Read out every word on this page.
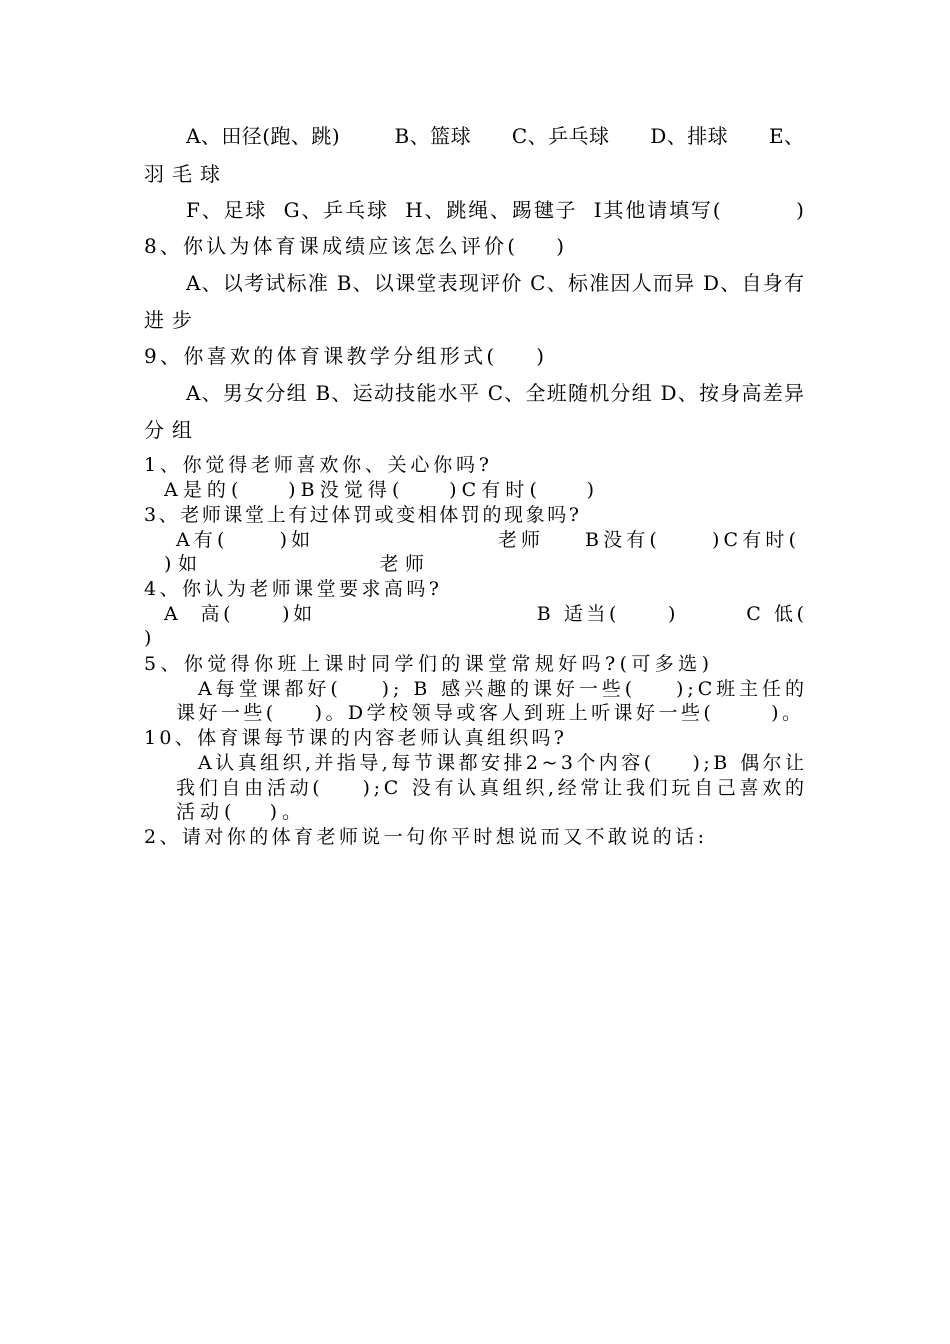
A、田径(跑、跳)        B、篮球      C、乒乓球      D、排球      E、
羽毛球
F、足球  G、乒乓球  H、跳绳、踢毽子  I其他请填写(         )
8、你认为体育课成绩应该怎么评价(    )
A、以考试标准 B、以课堂表现评价 C、标准因人而异 D、自身有
进步
9、你喜欢的体育课教学分组形式(    )
A、男女分组 B、运动技能水平 C、全班随机分组 D、按身高差异
分组
1、你觉得老师喜欢你、关心你吗?
A是的(    )B没觉得(    )C有时(    )
3、老师课堂上有过体罚或变相体罚的现象吗?
A有(     )如                  老师    B没有(     )C有时(
)如              老师
4、你认为老师课堂要求高吗?
A  高(     )如                       B 适当(     )       C 低(
)
5、你觉得你班上课时同学们的课堂常规好吗?(可多选)
A每堂课都好(    ); B 感兴趣的课好一些(    );C班主任的
课好一些(    )。D学校领导或客人到班上听课好一些(      )。
10、体育课每节课的内容老师认真组织吗?
A认真组织,并指导,每节课都安排2~3个内容(    );B 偶尔让
我们自由活动(    );C 没有认真组织,经常让我们玩自己喜欢的
活动(   )。
2、请对你的体育老师说一句你平时想说而又不敢说的话:
